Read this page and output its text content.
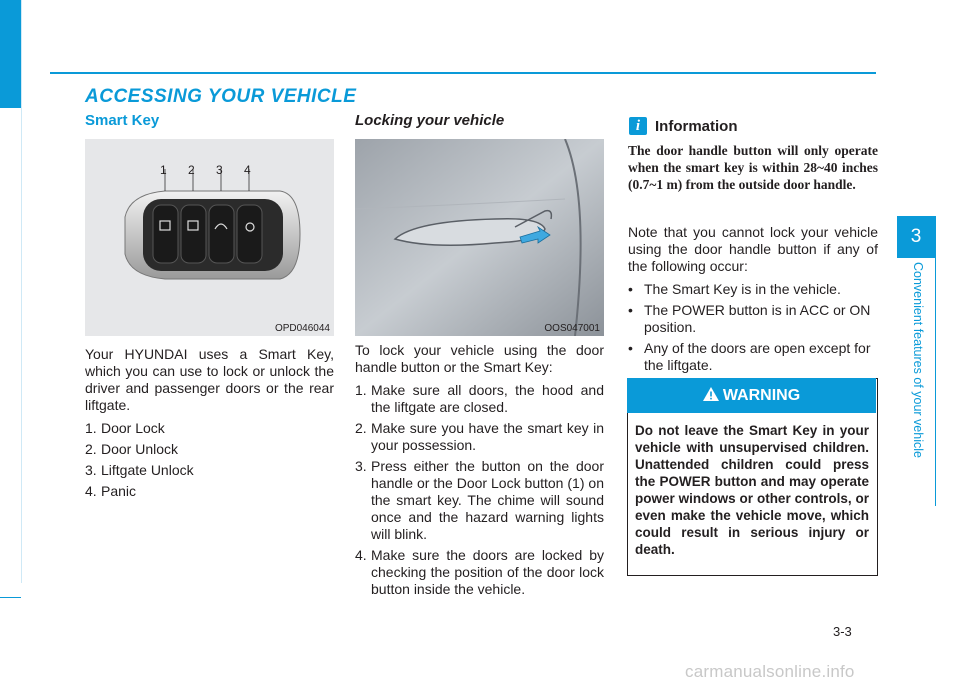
ACCESSING YOUR VEHICLE
Smart Key
1 2 3 4
OPD046044

Your HYUNDAI uses a Smart Key, which you can use to lock or unlock the driver and passenger doors or the rear liftgate.

1. Door Lock
2. Door Unlock
3. Liftgate Unlock
4. Panic
Locking your vehicle
OOS047001

To lock your vehicle using the door handle button or the Smart Key:

1. Make sure all doors, the hood and the liftgate are closed.
2. Make sure you have the smart key in your possession.
3. Press either the button on the door handle or the Door Lock button (1) on the smart key. The chime will sound once and the hazard warning lights will blink.
4. Make sure the doors are locked by checking the position of the door lock button inside the vehicle.
i Information
The door handle button will only operate when the smart key is within 28~40 inches (0.7~1 m) from the outside door handle.

Note that you cannot lock your vehicle using the door handle button if any of the following occur:

• The Smart Key is in the vehicle.
• The POWER button is in ACC or ON position.
• Any of the doors are open except for the liftgate.
WARNING
Do not leave the Smart Key in your vehicle with unsupervised children. Unattended children could press the POWER button and may operate power windows or other controls, or even make the vehicle move, which could result in serious injury or death.
3
Convenient features of your vehicle
3-3
carmanualsonline.info
